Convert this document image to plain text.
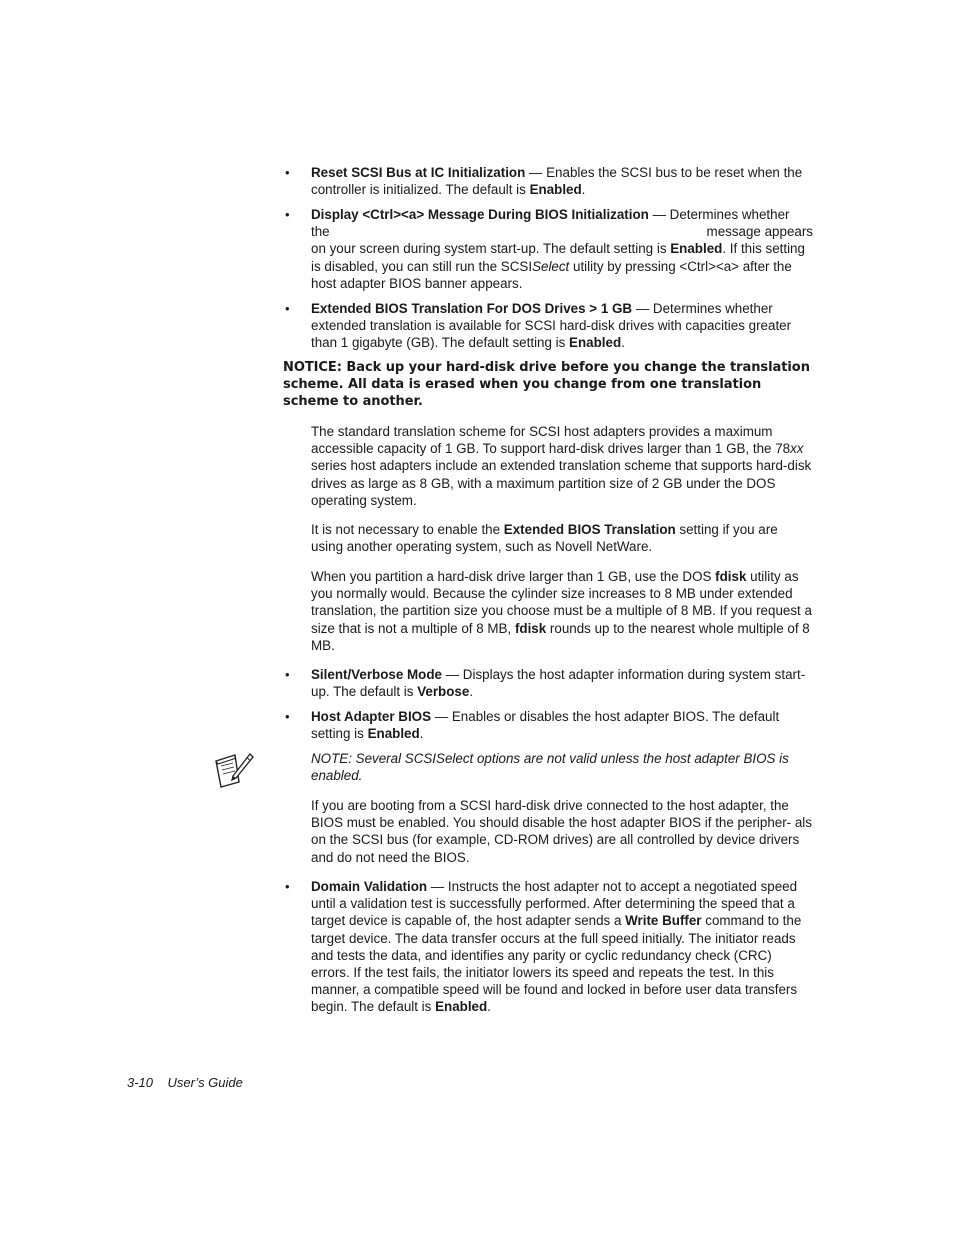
• Reset SCSI Bus at IC Initialization — Enables the SCSI bus to be reset when the controller is initialized. The default is Enabled.
• Display <Ctrl><a> Message During BIOS Initialization — Determines whether
the	message appears
on your screen during system start-up. The default setting is Enabled. If this setting is disabled, you can still run the SCSISelect utility by pressing <Ctrl><a> after the host adapter BIOS banner appears.
• Extended BIOS Translation For DOS Drives > 1 GB — Determines whether extended translation is available for SCSI hard-disk drives with capacities greater than 1 gigabyte (GB). The default setting is Enabled.
NOTICE: Back up your hard-disk drive before you change the translation scheme. All data is erased when you change from one translation scheme to another.
The standard translation scheme for SCSI host adapters provides a maximum accessible capacity of 1 GB. To support hard-disk drives larger than 1 GB, the 78xx series host adapters include an extended translation scheme that supports hard-disk drives as large as 8 GB, with a maximum partition size of 2 GB under the DOS operating system.
It is not necessary to enable the Extended BIOS Translation setting if you are using another operating system, such as Novell NetWare.
When you partition a hard-disk drive larger than 1 GB, use the DOS fdisk utility as you normally would. Because the cylinder size increases to 8 MB under extended translation, the partition size you choose must be a multiple of 8 MB. If you request a size that is not a multiple of 8 MB, fdisk rounds up to the nearest whole multiple of 8 MB.
• Silent/Verbose Mode — Displays the host adapter information during system start-up. The default is Verbose.
• Host Adapter BIOS — Enables or disables the host adapter BIOS. The default setting is Enabled.
NOTE: Several SCSISelect options are not valid unless the host adapter BIOS is enabled.
If you are booting from a SCSI hard-disk drive connected to the host adapter, the BIOS must be enabled. You should disable the host adapter BIOS if the peripher- als on the SCSI bus (for example, CD-ROM drives) are all controlled by device drivers and do not need the BIOS.
• Domain Validation — Instructs the host adapter not to accept a negotiated speed until a validation test is successfully performed. After determining the speed that a target device is capable of, the host adapter sends a Write Buffer command to the target device. The data transfer occurs at the full speed initially. The initiator reads and tests the data, and identifies any parity or cyclic redundancy check (CRC) errors. If the test fails, the initiator lowers its speed and repeats the test. In this manner, a compatible speed will be found and locked in before user data transfers begin. The default is Enabled.
3-10 User’s Guide
